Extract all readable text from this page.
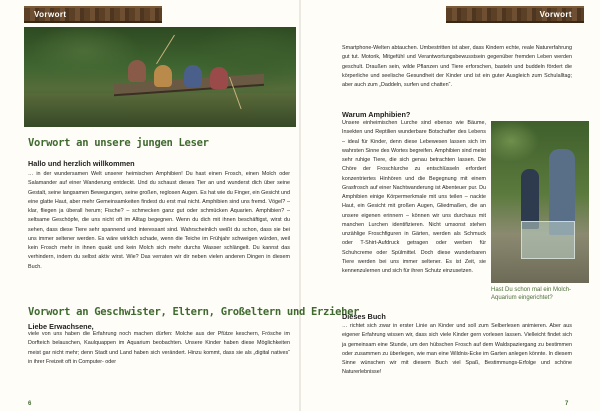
Vorwort	Vorwort
Vorwort an unsere jungen Leser
Hallo und herzlich willkommen

… in der wundersamen Welt unserer heimischen Amphibien! Du hast einen Frosch, einen Molch oder Salamander auf einer Wanderung entdeckt. Und du schaust dieses Tier an und wunderst dich über seine Gestalt, seine langsamen Bewegungen, seine großen, reglosen Augen. Es hat wie du Finger, ein Gesicht und eine glatte Haut, aber mehr Gemeinsamkeiten findest du erst mal nicht. Amphibien sind uns fremd. Vögel? – klar, fliegen ja überall herum; Fische? – schmecken ganz gut oder schmücken Aquarien. Amphibien? – seltsame Geschöpfe, die uns nicht oft im Alltag begegnen. Wenn du dich mit ihnen beschäftigst, wirst du sehen, dass diese Tiere sehr spannend und interessant sind. Wahrscheinlich weißt du schon, dass sie bei uns immer seltener werden. Es wäre wirklich schade, wenn die Teiche im Frühjahr schweigen würden, weil kein Frosch mehr in ihnen quakt und kein Molch sich mehr durchs Wasser schlängelt. Du kannst das verhindern, indem du selbst aktiv wirst. Wie? Das verraten wir dir neben vielen anderen Dingen in diesem Buch.

Vorwort an Geschwister, Eltern, Großeltern und Erzieher
Liebe Erwachsene,

viele von uns haben die Erfahrung noch machen dürfen: Molche aus der Pfütze keschern, Frösche im Dorfteich belauschen, Kaulquappen im Aquarium beobachten. Unsere Kinder haben diese Möglichkeiten meist gar nicht mehr; denn Stadt und Land haben sich verändert. Hinzu kommt, dass sie als „digital natives“ in ihrer Freizeit oft in Computer- oder

6

Smartphone-Welten abtauchen. Umbestritten ist aber, dass Kindern echte, reale Naturerfahrung gut tut. Motorik, Mitgefühl und Verantwortungsbewusstsein gegenüber fremden Leben werden geschult. Draußen sein, wilde Pflanzen und Tiere erforschen, basteln und buddeln fördert die körperliche und seelische Gesundheit der Kinder und ist ein guter Ausgleich zum Schulalltag; aber auch zum „Daddeln, surfen und chatten“.

Warum Amphibien?

Unsere einheimischen Lurche sind ebenso wie Bäume, Insekten und Reptilien wunderbare Botschafter des Lebens – ideal für Kinder, denn diese Lebewesen lassen sich im wahrsten Sinne des Wortes begreifen. Amphibien sind meist sehr ruhige Tiere, die sich genau betrachten lassen. Die Chöre der Froschlurche zu entschlüsseln erfordert konzentriertes Hinhören und die Begegnung mit einem Grasfrosch auf einer Nachtwanderung ist Abenteuer pur. Du Amphibien einige Körpermerkmale mit uns teilen – nackte Haut, ein Gesicht mit großen Augen, Gliedmaßen, die an unsere eigenen erinnern – können wir uns durchaus mit manchen Lurchen identifizieren. Nicht umsonst stehen unzählige Froschfiguren in Gärten, werden als Schmuck oder T-Shirt-Aufdruck getragen oder werben für Schuhcreme oder Spülmittel. Doch diese wunderbaren Tiere werden bei uns immer seltener. Es ist Zeit, sie kennenzulernen und sich für ihren Schutz einzusetzen.

Hast Du schon mal ein Molch-Aquarium eingerichtet?
Dieses Buch

… richtet sich zwar in erster Linie an Kinder und soll zum Selberlesen animieren. Aber aus eigener Erfahrung wissen wir, dass sich viele Kinder gern vorlesen lassen. Vielleicht findet sich ja gemeinsam eine Stunde, um den hübschen Frosch auf dem Waldspaziergang zu bestimmen oder zusammen zu überlegen, wie man eine Wildnis-Ecke im Garten anlegen könnte. In diesem Sinne wünschen wir mit diesem Buch viel Spaß, Bestimmungs-Erfolge und schöne Naturerlebnisse!

7
